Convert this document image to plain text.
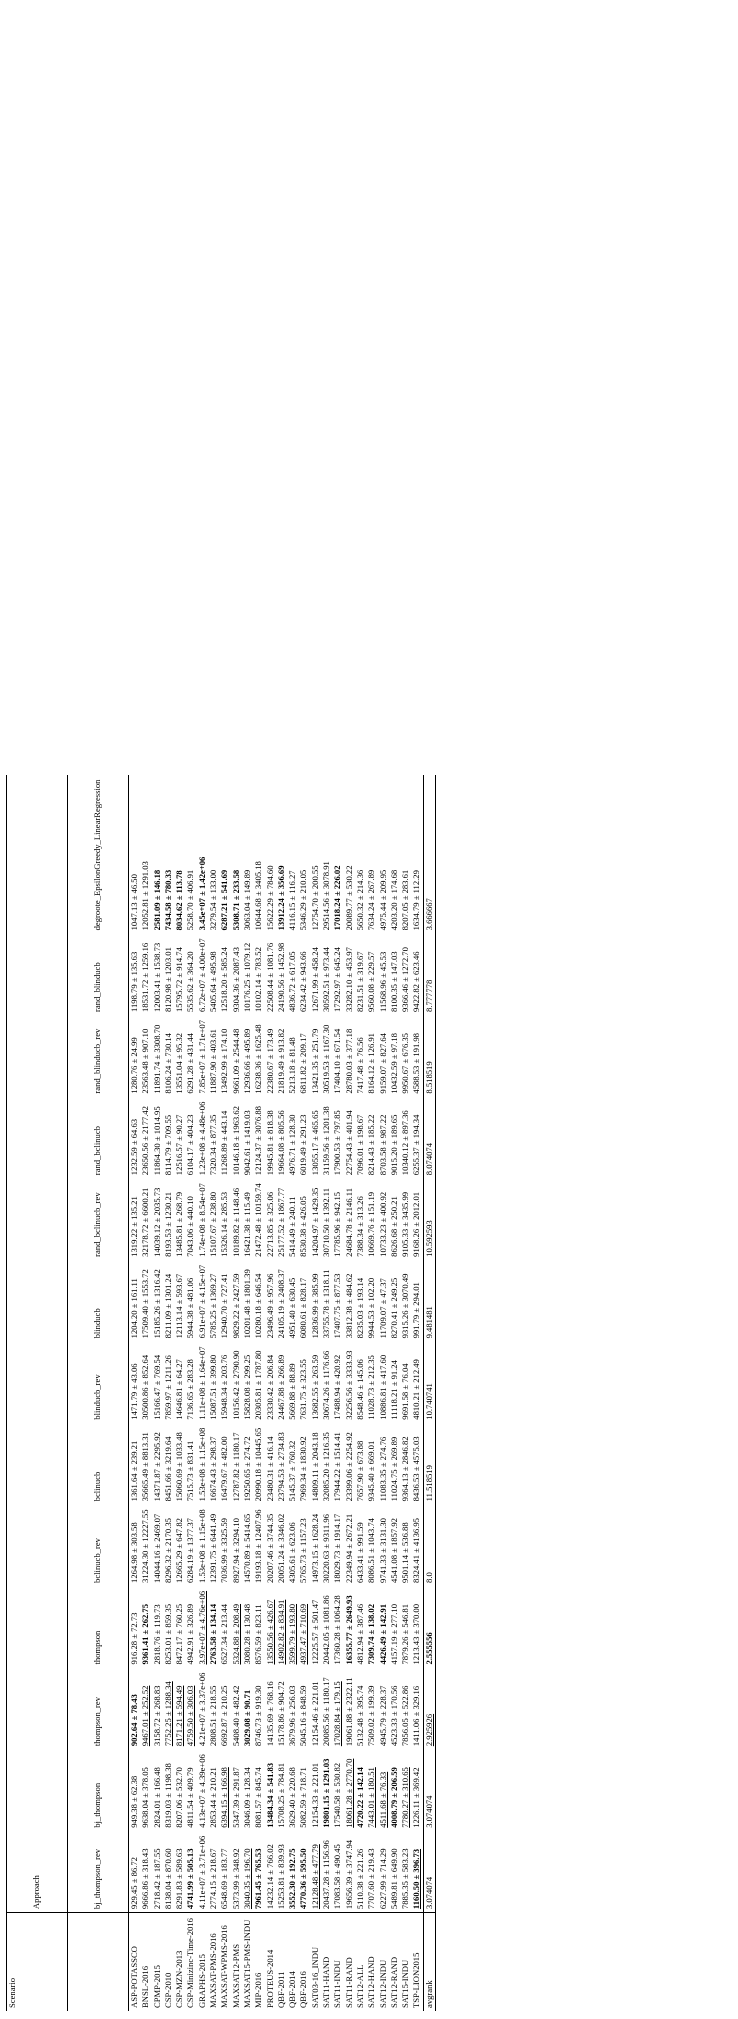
Scenario	Approach												
	bj_thompson_rev	bj_thompson	thompson_rev	thompson	bclinucb_rev	bclinucb	blinducb_rev	blinducb	rand_bclinucb_rev	rand_bclinucb	rand_blinducb_rev	rand_blinducb	degroote_EpsilonGreedy_LinearRegression
ASP-POTASSCO	929.45 ± 86.72	949.38 ± 62.38	902.64 ± 78.43	916.28 ± 72.73	1264.98 ± 303.58	1361.64 ± 239.21	1471.79 ± 43.06	1204.20 ± 161.11	1319.22 ± 135.21	1232.59 ± 64.63	1280.76 ± 24.99	1198.79 ± 135.63	1047.13 ± 46.50
BNSL-2016	9666.86 ± 318.43	9638.04 ± 378.05	9467.01 ± 252.52	9361.41 ± 262.75	31224.30 ± 12227.55	35665.49 ± 8813.31	30500.86 ± 852.64	17509.40 ± 1553.72	32178.72 ± 6600.21	23650.56 ± 2177.42	23563.48 ± 907.10	18531.72 ± 1259.16	12052.81 ± 1291.03
CPMP-2015	2718.42 ± 187.55	2824.01 ± 166.48	3158.72 ± 268.83	2818.76 ± 119.73	14044.16 ± 2469.07	14371.87 ± 2295.92	15166.47 ± 769.54	15185.26 ± 1316.42	14039.12 ± 2035.73	11864.30 ± 1014.95	11891.74 ± 3308.70	12003.41 ± 1538.73	2581.09 ± 146.18
CSP-2010	8138.04 ± 870.60	8319.03 ± 1198.38	7752.25 ± 1288.34	8253.01 ± 859.35	8296.32 ± 2170.35	8451.66 ± 3219.64	7859.97 ± 1211.26	8211.09 ± 1301.24	8193.53 ± 1230.21	8114.79 ± 709.55	8106.24 ± 730.14	8120.98 ± 1203.01	7434.58 ± 780.33
CSP-MZN-2013	8291.83 ± 589.63	8207.06 ± 532.70	8171.21 ± 594.49	8472.17 ± 760.25	12665.29 ± 647.82	15060.69 ± 1033.48	14646.81 ± 64.27	12113.14 ± 593.67	13485.81 ± 268.79	12516.57 ± 90.27	13551.04 ± 95.32	15795.72 ± 914.74	8034.62 ± 113.78
CSP-Minizinc-Time-2016	4741.99 ± 505.13	4811.54 ± 409.79	4759.50 ± 306.03	4942.91 ± 326.89	6284.19 ± 1377.37	7515.73 ± 831.41	7136.65 ± 283.28	5944.38 ± 481.06	7043.06 ± 440.10	6104.17 ± 404.23	6291.28 ± 431.44	5535.62 ± 364.20	5258.70 ± 406.91
GRAPHS-2015	4.11e+07 ± 3.71e+06	4.13e+07 ± 4.39e+06	4.21e+07 ± 3.37e+06	3.97e+07 ± 4.76e+06	1.53e+08 ± 1.15e+08	1.53e+08 ± 1.15e+08	1.11e+08 ± 1.64e+07	6.91e+07 ± 4.15e+07	1.74e+08 ± 8.54e+07	1.23e+08 ± 4.48e+06	7.85e+07 ± 1.71e+07	6.72e+07 ± 4.00e+07	3.45e+07 ± 1.42e+06
MAXSAT-PMS-2016	2774.15 ± 218.67	2853.44 ± 210.21	2808.51 ± 218.55	2763.58 ± 134.14	12391.75 ± 6441.49	16674.43 ± 298.37	15087.51 ± 399.80	5785.25 ± 1369.27	15107.67 ± 238.80	7320.34 ± 877.35	11887.90 ± 403.61	5405.64 ± 495.98	3279.54 ± 133.00
MAXSAT-WPMS-2016	6548.69 ± 183.77	6394.15 ± 166.98	6692.87 ± 210.25	6527.34 ± 213.44	7036.99 ± 3325.59	16479.67 ± 482.00	15948.34 ± 203.76	12940.70 ± 727.41	15326.14 ± 285.53	11268.89 ± 443.14	13492.99 ± 174.10	12518.20 ± 585.24	6287.21 ± 541.69
MAXSAT12-PMS	5373.99 ± 348.92	5347.39 ± 291.87	5408.40 ± 482.42	5324.88 ± 208.49	8927.94 ± 3294.10	12787.82 ± 1180.17	10156.42 ± 2790.90	9829.22 ± 2427.59	10189.82 ± 1148.46	10146.18 ± 1963.62	9661.09 ± 2544.48	9304.36 ± 2087.43	5308.71 ± 233.58
MAXSAT15-PMS-INDU	3040.35 ± 196.70	3046.09 ± 128.34	3029.08 ± 90.71	3080.28 ± 130.48	14570.89 ± 5414.65	19250.65 ± 274.72	15828.08 ± 299.25	10201.48 ± 1801.39	16421.38 ± 115.49	9042.61 ± 1419.03	12936.66 ± 495.89	10176.25 ± 1079.12	3063.04 ± 149.89
MIP-2016	7961.45 ± 765.53	8081.57 ± 845.74	8746.73 ± 919.30	8576.59 ± 823.11	19193.18 ± 12407.96	20990.18 ± 10445.65	20305.81 ± 1787.80	10280.18 ± 646.54	21472.48 ± 10159.74	12124.37 ± 3076.88	16238.36 ± 1625.48	10102.14 ± 783.52	10644.68 ± 3405.18
PROTEUS-2014	14232.14 ± 766.02	13484.34 ± 541.83	14135.69 ± 768.16	13550.56 ± 426.67	20207.46 ± 3744.35	23480.31 ± 416.14	23330.42 ± 206.84	23496.49 ± 957.96	22713.85 ± 325.06	19945.81 ± 818.38	22380.67 ± 173.49	22508.44 ± 1081.76	15622.29 ± 784.60
QBF-2011	15253.81 ± 839.93	15708.25 ± 784.81	15178.86 ± 904.72	14902.82 ± 834.91	20051.24 ± 3346.02	23794.53 ± 2734.83	24467.88 ± 266.89	24105.19 ± 2408.37	25177.52 ± 1867.77	19664.08 ± 805.56	21819.49 ± 913.82	24190.56 ± 1452.98	13912.24 ± 356.69
QBF-2014	3552.30 ± 192.75	3629.40 ± 220.68	3679.96 ± 256.03	3599.79 ± 193.80	4305.61 ± 623.06	5145.37 ± 760.32	5669.88 ± 88.89	4951.40 ± 630.45	5414.49 ± 240.11	4976.71 ± 128.30	5213.18 ± 81.48	4836.72 ± 617.05	4116.15 ± 116.27
QBF-2016	4770.36 ± 595.50	5082.59 ± 718.71	5045.16 ± 848.59	4937.47 ± 710.69	5765.73 ± 1157.23	7969.34 ± 1830.92	7631.75 ± 323.55	6080.61 ± 828.17	8530.38 ± 426.05	6019.49 ± 291.23	6811.82 ± 209.17	6234.42 ± 943.66	5346.29 ± 210.05
SAT03-16_INDU	12128.48 ± 477.79	12154.33 ± 221.01	12154.46 ± 221.01	12225.57 ± 501.47	14973.15 ± 1628.24	14809.11 ± 2043.18	13682.55 ± 263.59	12836.99 ± 385.99	14204.97 ± 1429.35	13055.17 ± 465.65	13421.35 ± 251.79	12671.99 ± 458.24	12754.70 ± 200.55
SAT11-HAND	20437.28 ± 1156.96	19801.15 ± 1291.03	20085.56 ± 1180.17	20442.05 ± 1081.86	30220.63 ± 9311.96	32085.20 ± 1216.35	30674.26 ± 1176.66	33755.78 ± 1318.11	30710.50 ± 1392.11	31159.56 ± 1201.38	30519.53 ± 1167.30	30592.51 ± 973.44	29514.56 ± 3078.91
SAT11-INDU	17083.58 ± 490.45	17540.58 ± 530.82	17028.84 ± 179.15	17360.28 ± 1064.28	18029.73 ± 1914.17	17944.22 ± 1514.41	17488.94 ± 420.92	17407.75 ± 877.53	17785.96 ± 942.15	17900.53 ± 797.85	17404.10 ± 671.54	17292.97 ± 645.24	17018.24 ± 226.02
SAT11-RAND	19656.39 ± 3747.94	18061.28 ± 2770.70	19061.88 ± 2322.11	16355.77 ± 2649.93	22349.94 ± 2672.21	23399.06 ± 2254.92	32256.56 ± 3333.93	33812.38 ± 484.62	24684.78 ± 2146.11	22754.43 ± 401.94	28780.03 ± 377.18	33282.10 ± 453.97	20089.77 ± 530.22
SAT12-ALL	5110.38 ± 221.26	4720.22 ± 142.14	5132.48 ± 395.74	4812.94 ± 387.46	6433.41 ± 991.59	7657.90 ± 673.88	8548.46 ± 145.06	8235.03 ± 193.14	7388.34 ± 313.26	7096.01 ± 198.67	7417.48 ± 76.56	8231.51 ± 319.67	5650.32 ± 214.36
SAT12-HAND	7707.60 ± 219.43	7443.01 ± 180.51	7509.02 ± 199.39	7309.74 ± 138.02	8086.51 ± 1043.74	9345.40 ± 669.01	11028.73 ± 212.35	9944.53 ± 102.20	10669.76 ± 151.19	8214.43 ± 185.22	8164.12 ± 126.91	9560.08 ± 229.57	7634.24 ± 267.89
SAT12-INDU	6227.99 ± 714.29	4511.68 ± 76.33	4945.79 ± 228.37	4426.49 ± 142.91	9741.33 ± 3131.30	11083.35 ± 274.76	10886.81 ± 417.60	11709.07 ± 47.37	10733.23 ± 400.92	8703.58 ± 987.22	9159.07 ± 827.64	11568.96 ± 45.53	4975.44 ± 209.95
SAT12-RAND	5489.81 ± 649.90	4008.79 ± 206.59	4523.33 ± 170.56	4157.19 ± 277.10	4541.08 ± 1857.92	11024.75 ± 269.89	11118.21 ± 91.24	8270.41 ± 249.25	8626.68 ± 250.21	9015.20 ± 189.65	10432.59 ± 97.18	8100.35 ± 147.03	4203.20 ± 174.68
SAT15-INDU	7885.35 ± 583.23	7780.27 ± 310.65	7856.05 ± 522.86	7879.26 ± 546.81	9501.14 ± 536.88	9364.13 ± 2846.82	9691.58 ± 76.04	9315.26 ± 3070.49	9105.33 ± 3435.99	10340.12 ± 897.36	9950.67 ± 676.35	9366.46 ± 1272.70	8207.05 ± 283.61
TSP-LION2015	1160.50 ± 396.73	1226.11 ± 369.42	1411.06 ± 329.16	1213.43 ± 370.00	8324.41 ± 4136.95	8436.53 ± 4575.03	4810.21 ± 212.49	991.79 ± 294.01	9168.26 ± 2012.01	6255.37 ± 194.34	4588.53 ± 191.98	9422.82 ± 623.46	1634.79 ± 112.29
avgrank	3.074074	3.074074	2.925926	2.555556	8.0	11.518519	10.740741	9.481481	10.592593	8.074074	8.518519	8.777778	3.666667
